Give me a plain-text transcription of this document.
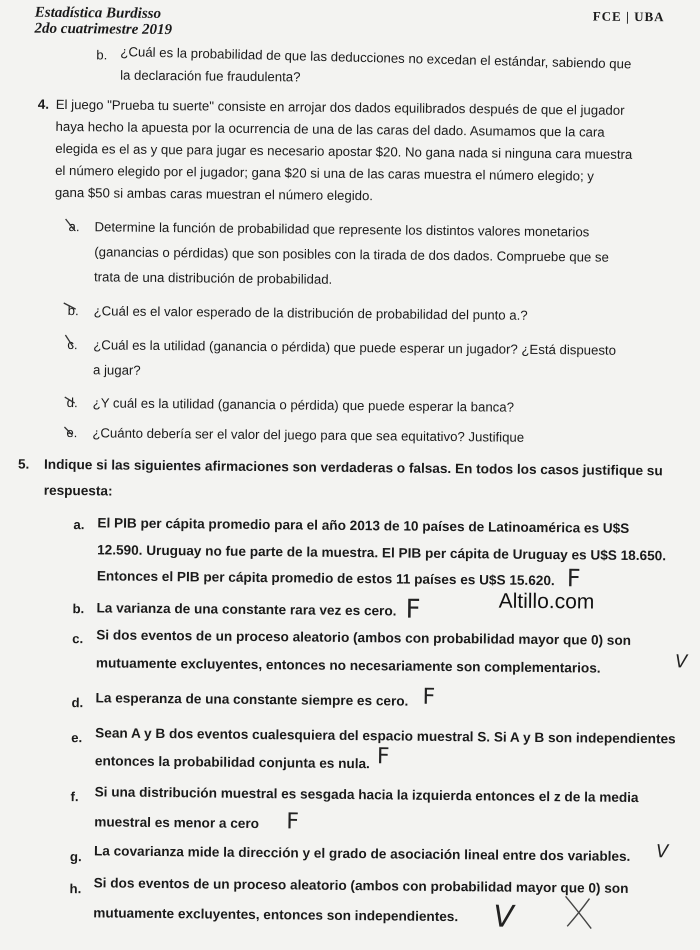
Estadística Burdisso
2do cuatrimestre 2019
FCE | UBA
b. ¿Cuál es la probabilidad de que las deducciones no excedan el estándar, sabiendo que
la declaración fue fraudulenta?
4. El juego "Prueba tu suerte" consiste en arrojar dos dados equilibrados después de que el jugador
haya hecho la apuesta por la ocurrencia de una de las caras del dado. Asumamos que la cara
elegida es el as y que para jugar es necesario apostar $20. No gana nada si ninguna cara muestra
el número elegido por el jugador; gana $20 si una de las caras muestra el número elegido; y
gana $50 si ambas caras muestran el número elegido.
a. Determine la función de probabilidad que represente los distintos valores monetarios
(ganancias o pérdidas) que son posibles con la tirada de dos dados. Compruebe que se
trata de una distribución de probabilidad.
b. ¿Cuál es el valor esperado de la distribución de probabilidad del punto a.?
c. ¿Cuál es la utilidad (ganancia o pérdida) que puede esperar un jugador? ¿Está dispuesto
a jugar?
d. ¿Y cuál es la utilidad (ganancia o pérdida) que puede esperar la banca?
e. ¿Cuánto debería ser el valor del juego para que sea equitativo? Justifique
5. Indique si las siguientes afirmaciones son verdaderas o falsas. En todos los casos justifique su
respuesta:
a. El PIB per cápita promedio para el año 2013 de 10 países de Latinoamérica es U$S
12.590. Uruguay no fue parte de la muestra. El PIB per cápita de Uruguay es U$S 18.650.
Entonces el PIB per cápita promedio de estos 11 países es U$S 15.620. F
b. La varianza de una constante rara vez es cero. F
c. Si dos eventos de un proceso aleatorio (ambos con probabilidad mayor que 0) son
mutuamente excluyentes, entonces no necesariamente son complementarios.	V
d. La esperanza de una constante siempre es cero. F
e. Sean A y B dos eventos cualesquiera del espacio muestral S. Si A y B son independientes
entonces la probabilidad conjunta es nula. F
f. Si una distribución muestral es sesgada hacia la izquierda entonces el z de la media
muestral es menor a cero F
g. La covarianza mide la dirección y el grado de asociación lineal entre dos variables. V
h. Si dos eventos de un proceso aleatorio (ambos con probabilidad mayor que 0) son
mutuamente excluyentes, entonces son independientes. V
Altillo.com
